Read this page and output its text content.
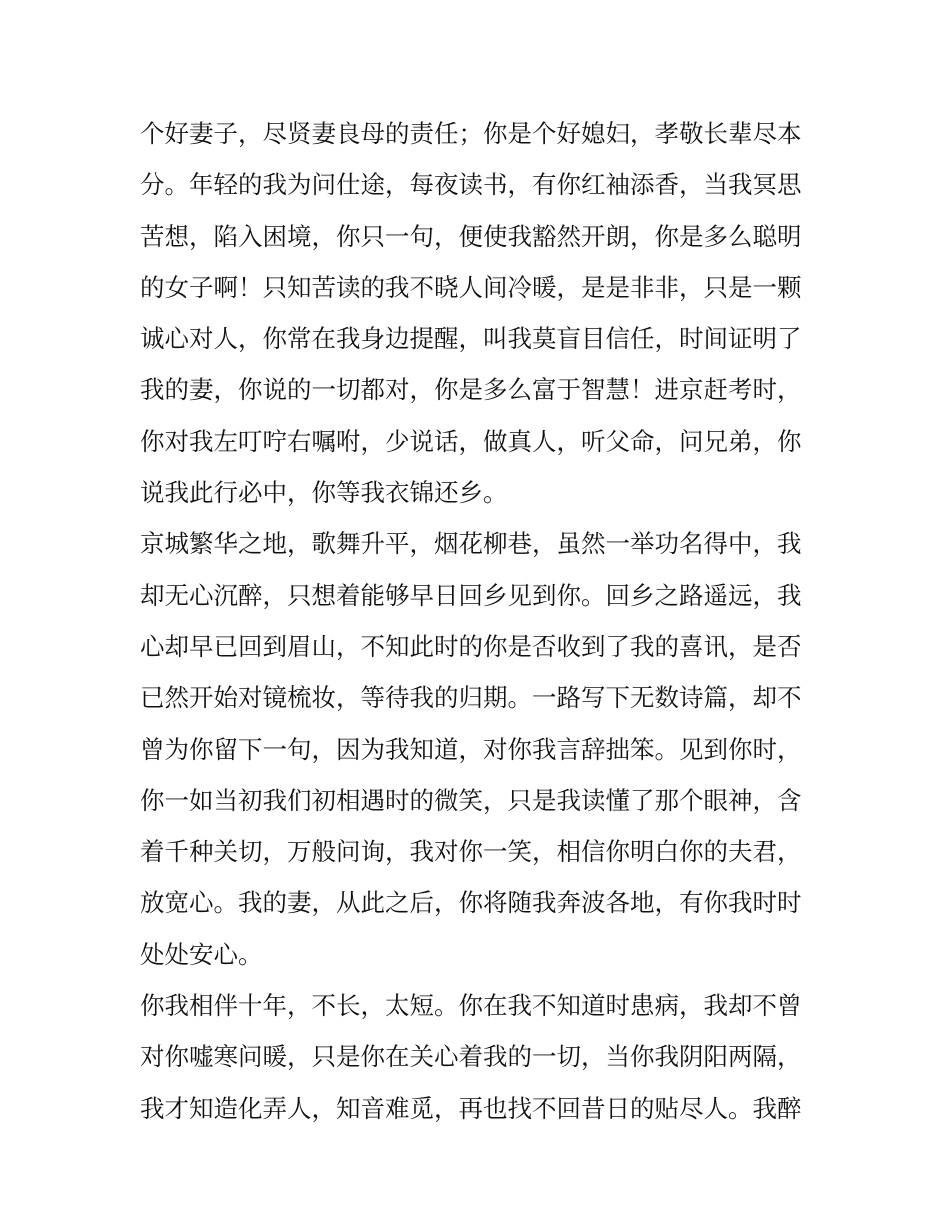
个好妻子，尽贤妻良母的责任；你是个好媳妇，孝敬长辈尽本
分。年轻的我为问仕途，每夜读书，有你红袖添香，当我冥思
苦想，陷入困境，你只一句，便使我豁然开朗，你是多么聪明
的女子啊！只知苦读的我不晓人间冷暖，是是非非，只是一颗
诚心对人，你常在我身边提醒，叫我莫盲目信任，时间证明了
我的妻，你说的一切都对，你是多么富于智慧！进京赶考时，
你对我左叮咛右嘱咐，少说话，做真人，听父命，问兄弟，你
说我此行必中，你等我衣锦还乡。
京城繁华之地，歌舞升平，烟花柳巷，虽然一举功名得中，我
却无心沉醉，只想着能够早日回乡见到你。回乡之路遥远，我
心却早已回到眉山，不知此时的你是否收到了我的喜讯，是否
已然开始对镜梳妆，等待我的归期。一路写下无数诗篇，却不
曾为你留下一句，因为我知道，对你我言辞拙笨。见到你时，
你一如当初我们初相遇时的微笑，只是我读懂了那个眼神，含
着千种关切，万般问询，我对你一笑，相信你明白你的夫君，
放宽心。我的妻，从此之后，你将随我奔波各地，有你我时时
处处安心。
你我相伴十年，不长，太短。你在我不知道时患病，我却不曾
对你嘘寒问暖，只是你在关心着我的一切，当你我阴阳两隔，
我才知造化弄人，知音难觅，再也找不回昔日的贴尽人。我醉
